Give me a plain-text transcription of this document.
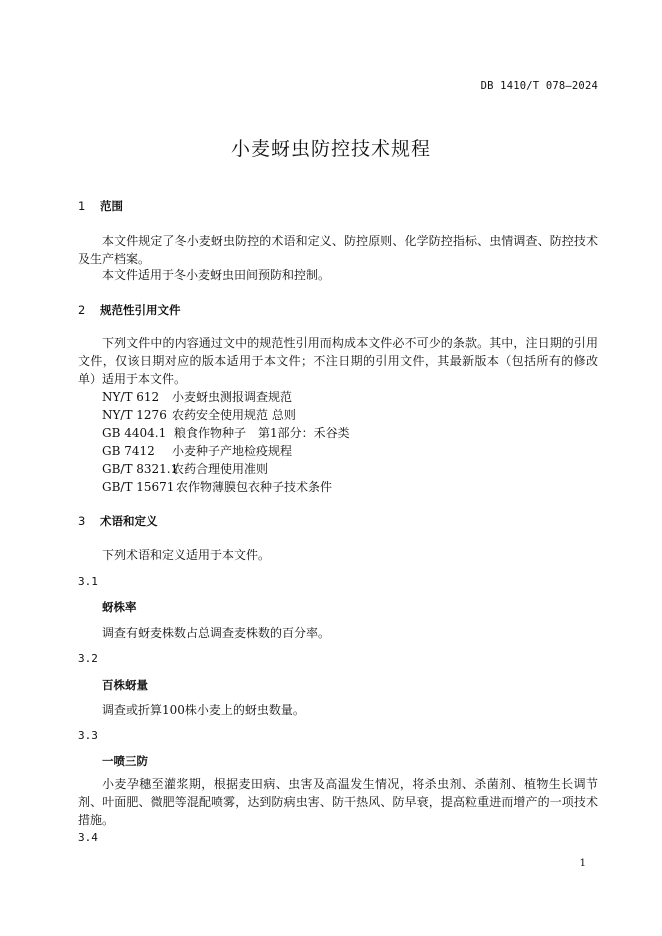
DB 1410/T 078—2024
小麦蚜虫防控技术规程
1 范围
本文件规定了冬小麦蚜虫防控的术语和定义、防控原则、化学防控指标、虫情调查、防控技术及生产档案。
本文件适用于冬小麦蚜虫田间预防和控制。
2 规范性引用文件
下列文件中的内容通过文中的规范性引用而构成本文件必不可少的条款。其中，注日期的引用文件，仅该日期对应的版本适用于本文件；不注日期的引用文件，其最新版本（包括所有的修改单）适用于本文件。
NY/T 612 小麦蚜虫测报调查规范
NY/T 1276 农药安全使用规范 总则
GB 4404.1 粮食作物种子　第1部分：禾谷类
GB 7412 小麦种子产地检疫规程
GB/T 8321.1农药合理使用准则
GB/T 15671 农作物薄膜包衣种子技术条件
3 术语和定义
下列术语和定义适用于本文件。
3.1
蚜株率
调查有蚜麦株数占总调查麦株数的百分率。
3.2
百株蚜量
调查或折算100株小麦上的蚜虫数量。
3.3
一喷三防
小麦孕穗至灌浆期，根据麦田病、虫害及高温发生情况，将杀虫剂、杀菌剂、植物生长调节剂、叶面肥、微肥等混配喷雾，达到防病虫害、防干热风、防早衰，提高粒重进而增产的一项技术措施。
3.4
1
